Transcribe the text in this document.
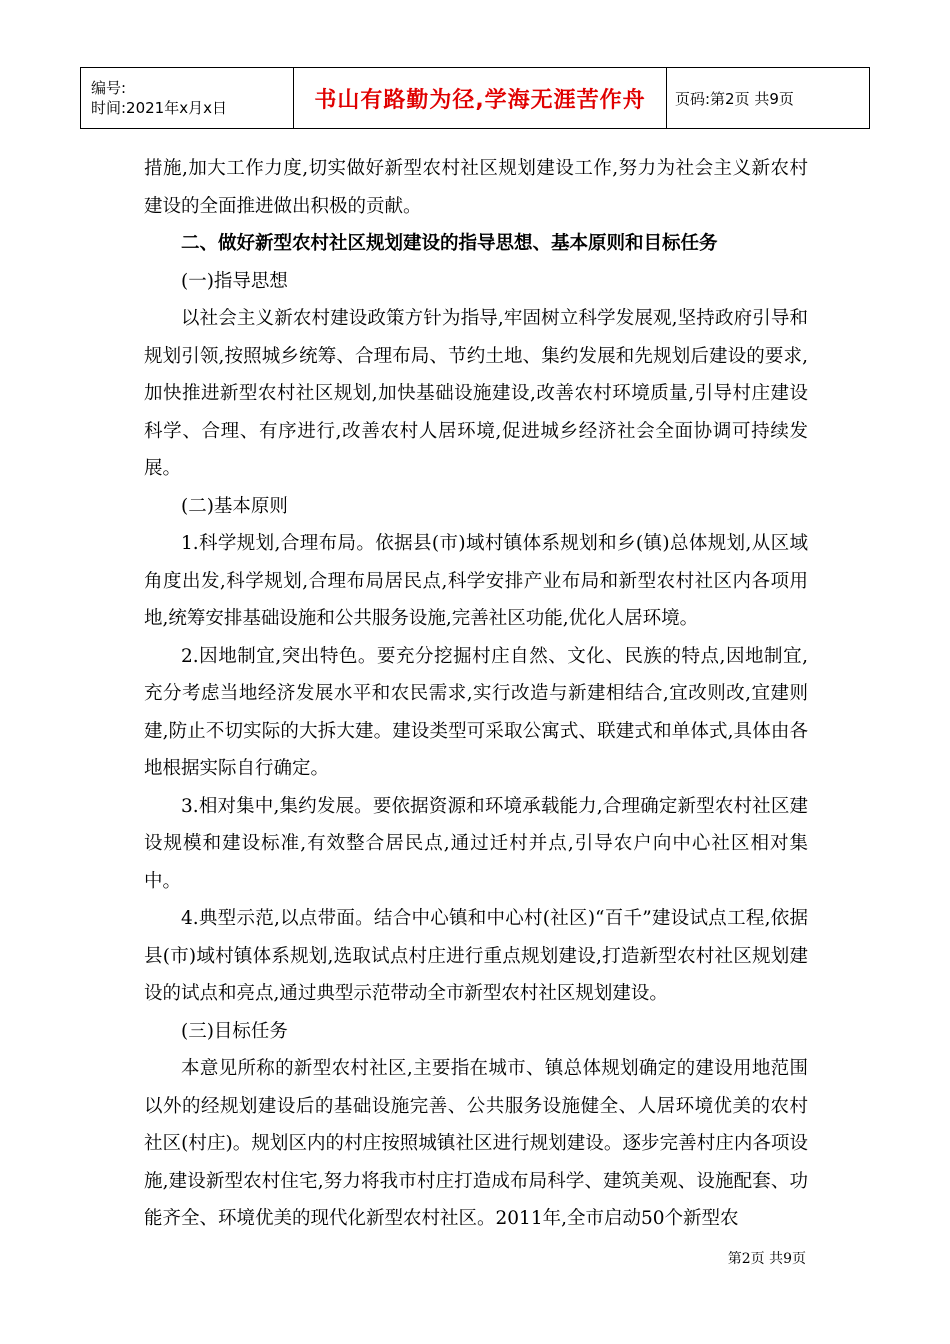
编号:
时间:2021年x月x日	书山有路勤为径,学海无涯苦作舟	页码:第2页 共9页

措施,加大工作力度,切实做好新型农村社区规划建设工作,努力为社会主义新农村建设的全面推进做出积极的贡献。

二、做好新型农村社区规划建设的指导思想、基本原则和目标任务

(一)指导思想

以社会主义新农村建设政策方针为指导,牢固树立科学发展观,坚持政府引导和规划引领,按照城乡统筹、合理布局、节约土地、集约发展和先规划后建设的要求,加快推进新型农村社区规划,加快基础设施建设,改善农村环境质量,引导村庄建设科学、合理、有序进行,改善农村人居环境,促进城乡经济社会全面协调可持续发展。

(二)基本原则

1.科学规划,合理布局。依据县(市)域村镇体系规划和乡(镇)总体规划,从区域角度出发,科学规划,合理布局居民点,科学安排产业布局和新型农村社区内各项用地,统筹安排基础设施和公共服务设施,完善社区功能,优化人居环境。

2.因地制宜,突出特色。要充分挖掘村庄自然、文化、民族的特点,因地制宜,充分考虑当地经济发展水平和农民需求,实行改造与新建相结合,宜改则改,宜建则建,防止不切实际的大拆大建。建设类型可采取公寓式、联建式和单体式,具体由各地根据实际自行确定。

3.相对集中,集约发展。要依据资源和环境承载能力,合理确定新型农村社区建设规模和建设标准,有效整合居民点,通过迁村并点,引导农户向中心社区相对集中。

4.典型示范,以点带面。结合中心镇和中心村(社区)“百千”建设试点工程,依据县(市)域村镇体系规划,选取试点村庄进行重点规划建设,打造新型农村社区规划建设的试点和亮点,通过典型示范带动全市新型农村社区规划建设。

(三)目标任务

本意见所称的新型农村社区,主要指在城市、镇总体规划确定的建设用地范围以外的经规划建设后的基础设施完善、公共服务设施健全、人居环境优美的农村社区(村庄)。规划区内的村庄按照城镇社区进行规划建设。逐步完善村庄内各项设施,建设新型农村住宅,努力将我市村庄打造成布局科学、建筑美观、设施配套、功能齐全、环境优美的现代化新型农村社区。2011年,全市启动50个新型农

第2页 共9页
